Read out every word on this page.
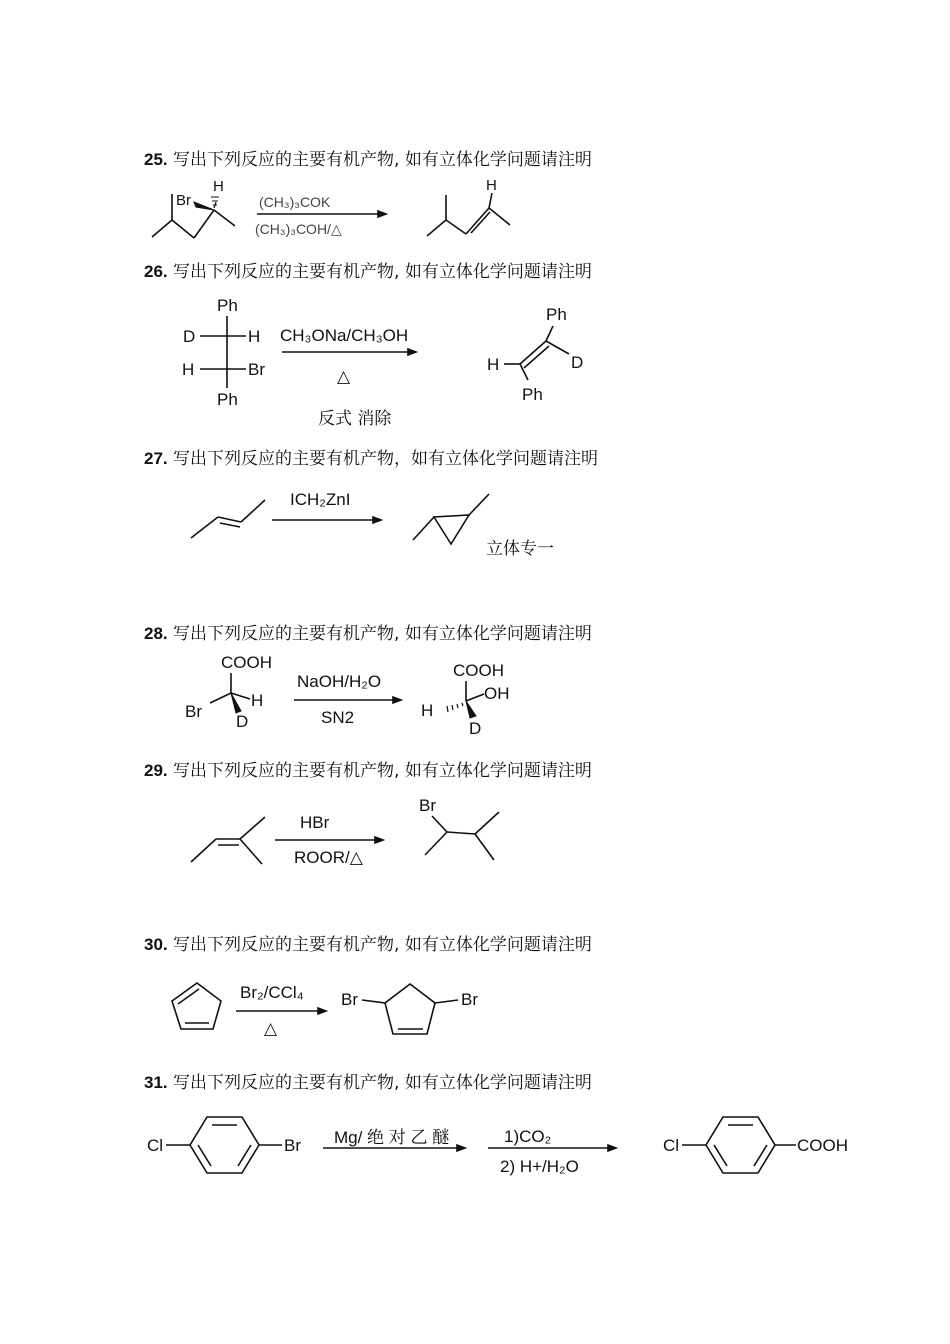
25. 写出下列反应的主要有机产物, 如有立体化学问题请注明
26. 写出下列反应的主要有机产物, 如有立体化学问题请注明
27. 写出下列反应的主要有机产物，如有立体化学问题请注明
28. 写出下列反应的主要有机产物, 如有立体化学问题请注明
29. 写出下列反应的主要有机产物, 如有立体化学问题请注明
30. 写出下列反应的主要有机产物, 如有立体化学问题请注明
31. 写出下列反应的主要有机产物, 如有立体化学问题请注明
Br
H
(CH₃)₃COK
(CH₃)₃COH/△
H
Ph
D	H
H	Br
Ph
CH₃ONa/CH₃OH
△
反式 消除
Ph
H	D
Ph
ICH₂ZnI
立体专一
COOH
Br
H
D
NaOH/H₂O
SN2
COOH
OH
H
D
HBr
ROOR/△
Br
Br₂/CCl₄
△
Br	Br
Cl	Br Mg/ 绝 对 乙 醚	1)CO₂
2) H+/H₂O
Cl	COOH
